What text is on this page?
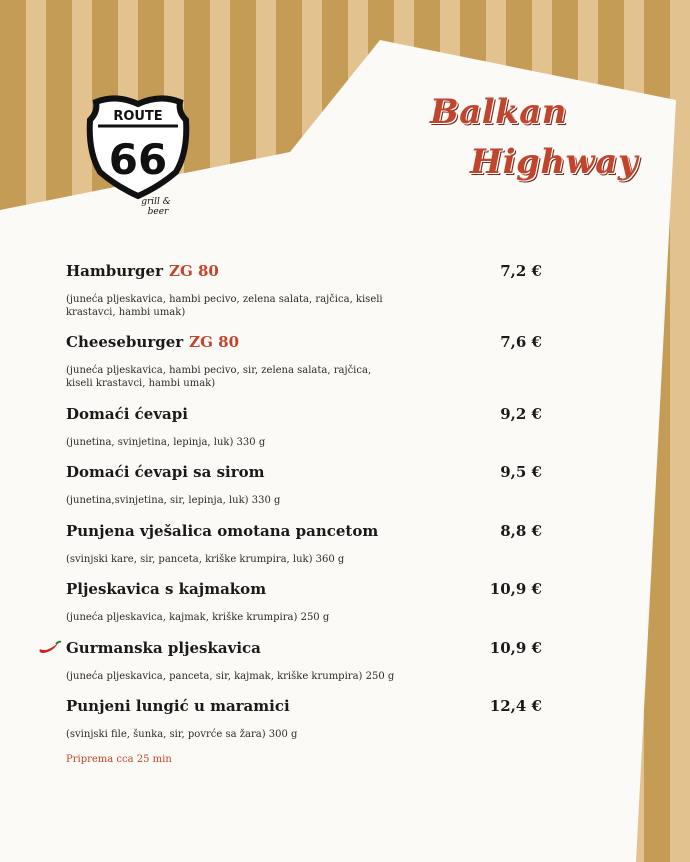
ROUTE
66
grill &
beer
Balkan
Highway
Hamburger ZG 80	7,2 €
(juneća pljeskavica, hambi pecivo, zelena salata, rajčica, kiseli krastavci, hambi umak)
Cheeseburger ZG 80	7,6 €
(juneća pljeskavica, hambi pecivo, sir, zelena salata, rajčica, kiseli krastavci, hambi umak)
Domaći ćevapi	9,2 €
(junetina, svinjetina, lepinja, luk) 330 g
Domaći ćevapi sa sirom	9,5 €
(junetina,svinjetina, sir, lepinja, luk) 330 g
Punjena vješalica omotana pancetom	8,8 €
(svinjski kare, sir, panceta, kriške krumpira, luk) 360 g
Pljeskavica s kajmakom	10,9 €
(juneća pljeskavica, kajmak, kriške krumpira) 250 g
Gurmanska pljeskavica	10,9 €
(juneća pljeskavica, panceta, sir, kajmak, kriške krumpira) 250 g
Punjeni lungić u maramici	12,4 €
(svinjski file, šunka, sir, povrće sa žara) 300 g
Priprema cca 25 min
